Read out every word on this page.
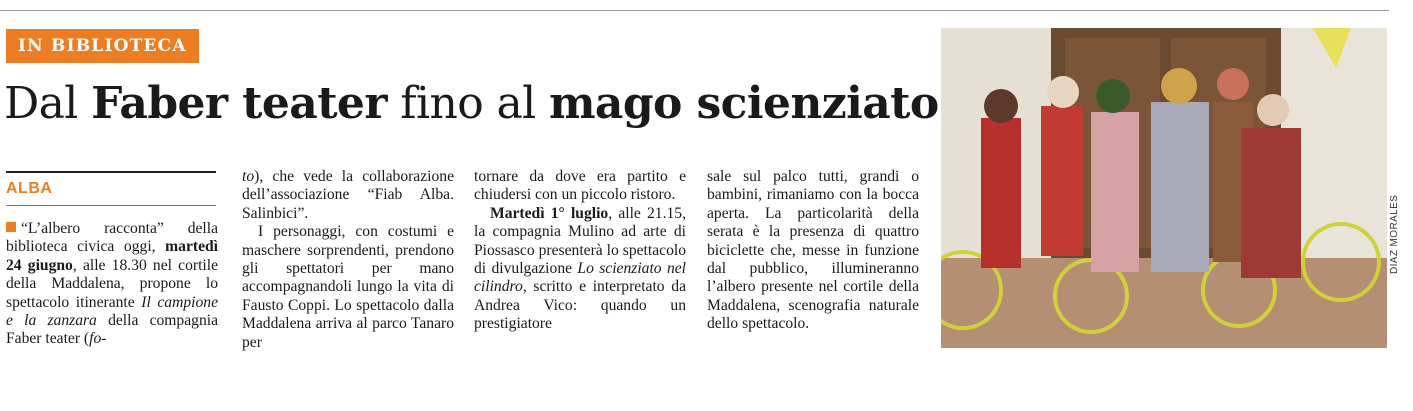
IN BIBLIOTECA
Dal Faber teater fino al mago scienziato
ALBA

“L’albero racconta” della biblioteca civica oggi, martedì 24 giugno, alle 18.30 nel cortile della Maddalena, propone lo spettacolo itinerante Il campione e la zanzara della compagnia Faber teater (fo-

to), che vede la collaborazione dell’associazione “Fiab Alba. Salinbici”.

I personaggi, con costumi e maschere sorprendenti, prendono gli spettatori per mano accompagnandoli lungo la vita di Fausto Coppi. Lo spettacolo dalla Maddalena arriva al parco Tanaro per

tornare da dove era partito e chiudersi con un piccolo ristoro.

Martedì 1° luglio, alle 21.15, la compagnia Mulino ad arte di Piossasco presenterà lo spettacolo di divulgazione Lo scienziato nel cilindro, scritto e interpretato da Andrea Vico: quando un prestigiatore

sale sul palco tutti, grandi o bambini, rimaniamo con la bocca aperta. La particolarità della serata è la presenza di quattro biciclette che, messe in funzione dal pubblico, illumineranno l’albero presente nel cortile della Maddalena, scenografia naturale dello spettacolo.

DIAZ MORALES
